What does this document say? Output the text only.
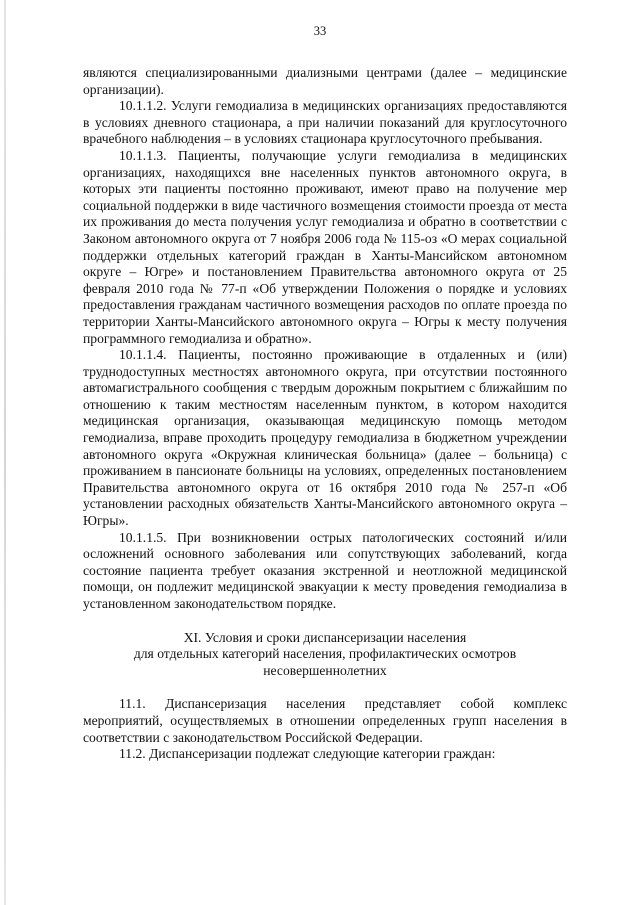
33

являются специализированными диализными центрами (далее – медицинские организации).

10.1.1.2. Услуги гемодиализа в медицинских организациях предоставляются в условиях дневного стационара, а при наличии показаний для круглосуточного врачебного наблюдения – в условиях стационара круглосуточного пребывания.

10.1.1.3. Пациенты, получающие услуги гемодиализа в медицинских организациях, находящихся вне населенных пунктов автономного округа, в которых эти пациенты постоянно проживают, имеют право на получение мер социальной поддержки в виде частичного возмещения стоимости проезда от места их проживания до места получения услуг гемодиализа и обратно в соответствии с Законом автономного округа от 7 ноября 2006 года № 115-оз «О мерах социальной поддержки отдельных категорий граждан в Ханты-Мансийском автономном округе – Югре» и постановлением Правительства автономного округа от 25 февраля 2010 года № 77-п «Об утверждении Положения о порядке и условиях предоставления гражданам частичного возмещения расходов по оплате проезда по территории Ханты-Мансийского автономного округа – Югры к месту получения программного гемодиализа и обратно».

10.1.1.4. Пациенты, постоянно проживающие в отдаленных и (или) труднодоступных местностях автономного округа, при отсутствии постоянного автомагистрального сообщения с твердым дорожным покрытием с ближайшим по отношению к таким местностям населенным пунктом, в котором находится медицинская организация, оказывающая медицинскую помощь методом гемодиализа, вправе проходить процедуру гемодиализа в бюджетном учреждении автономного округа «Окружная клиническая больница» (далее – больница) с проживанием в пансионате больницы на условиях, определенных постановлением Правительства автономного округа от 16 октября 2010 года № 257-п «Об установлении расходных обязательств Ханты-Мансийского автономного округа – Югры».

10.1.1.5. При возникновении острых патологических состояний и/или осложнений основного заболевания или сопутствующих заболеваний, когда состояние пациента требует оказания экстренной и неотложной медицинской помощи, он подлежит медицинской эвакуации к месту проведения гемодиализа в установленном законодательством порядке.

XI. Условия и сроки диспансеризации населения

для отдельных категорий населения, профилактических осмотров

несовершеннолетних

11.1. Диспансеризация населения представляет собой комплекс мероприятий, осуществляемых в отношении определенных групп населения в соответствии с законодательством Российской Федерации.

11.2. Диспансеризации подлежат следующие категории граждан:
